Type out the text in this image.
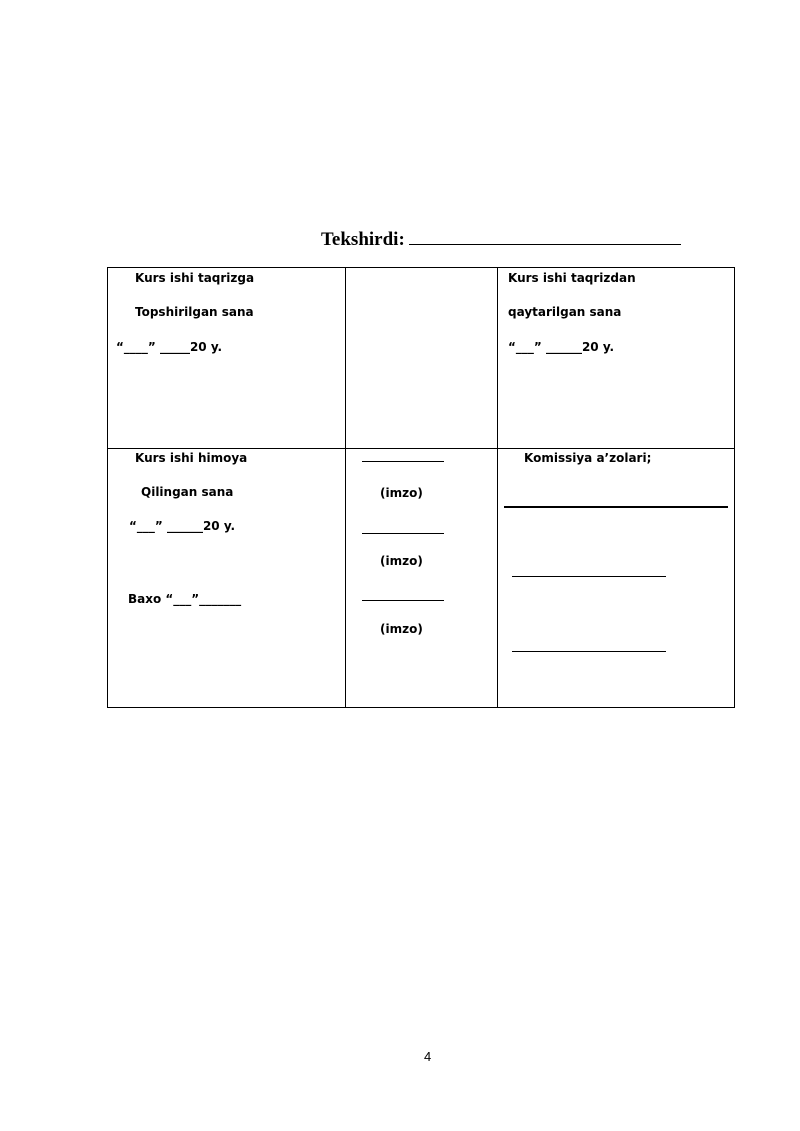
Tekshirdi:
Kurs ishi taqrizga
Topshirilgan sana
“____” _____20 y.
Kurs ishi taqrizdan
qaytarilgan sana
“___” ______20 y.
Kurs ishi himoya
Qilingan sana
“___” ______20 y.
Baxo “___”_______
(imzo)
(imzo)
(imzo)
Komissiya a’zolari;
4
